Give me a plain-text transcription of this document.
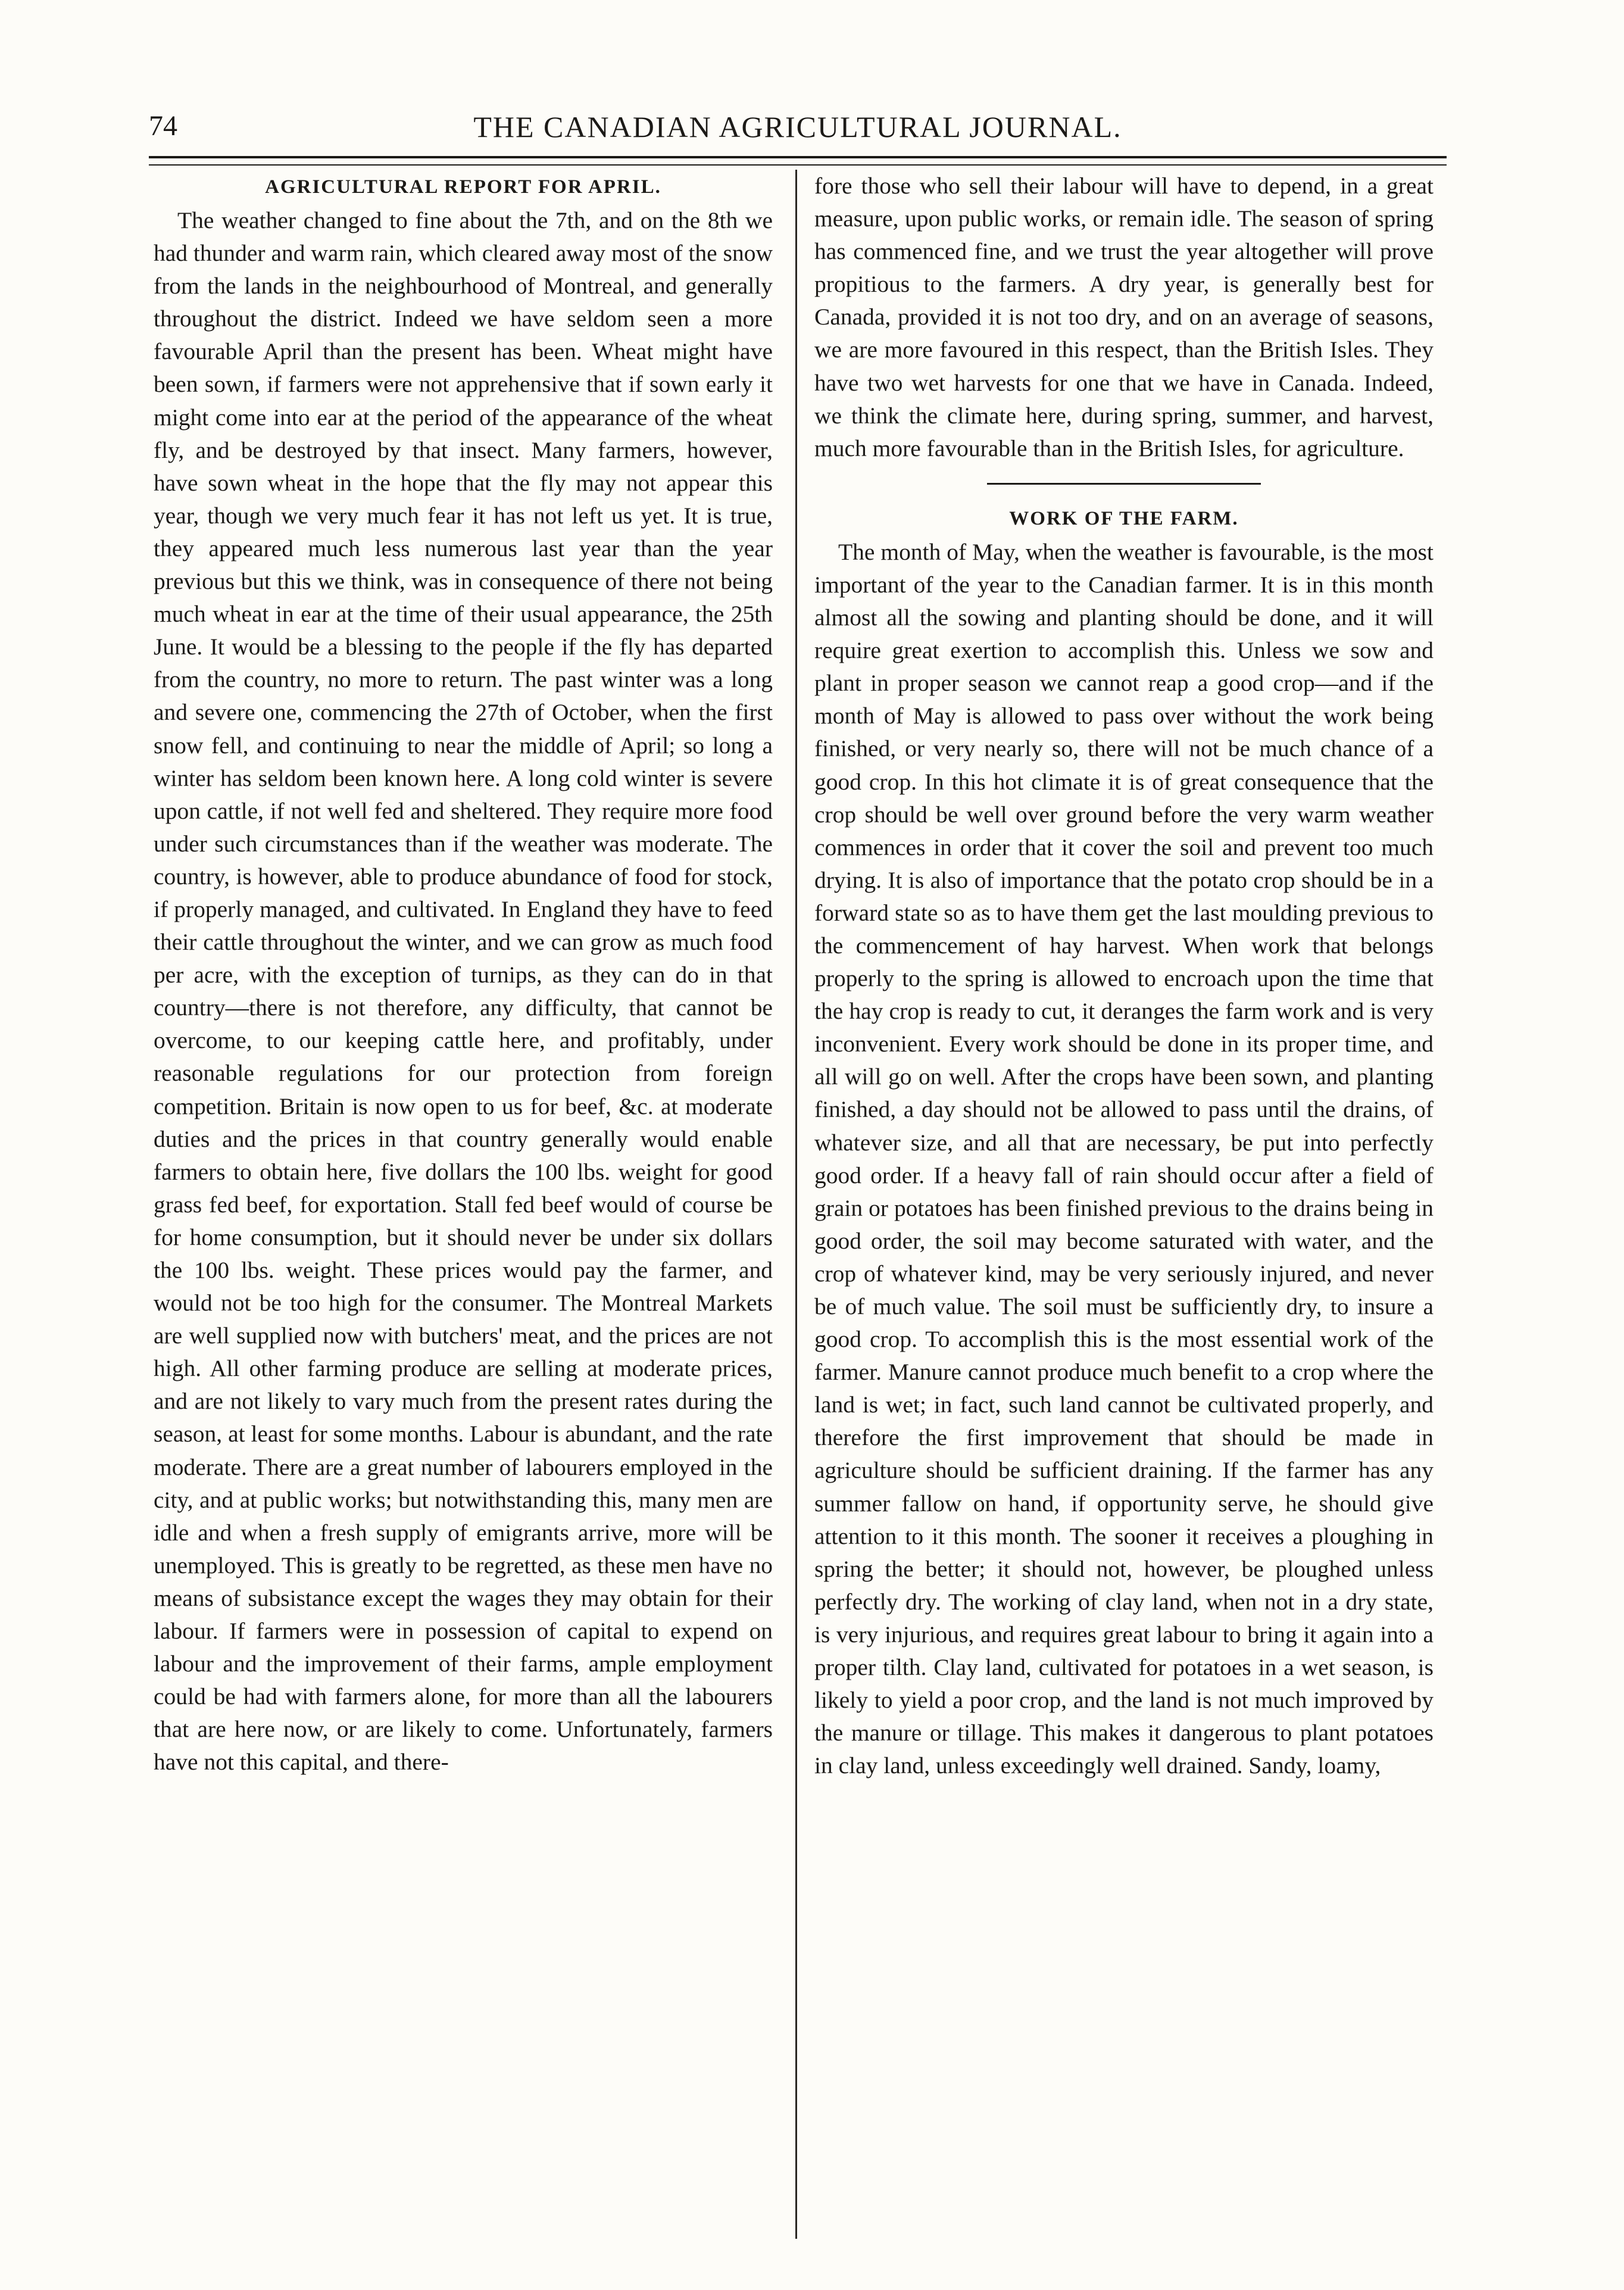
74	THE CANADIAN AGRICULTURAL JOURNAL.
AGRICULTURAL REPORT FOR APRIL.

The weather changed to fine about the 7th, and on the 8th we had thunder and warm rain, which cleared away most of the snow from the lands in the neighbourhood of Montreal, and generally throughout the district. Indeed we have seldom seen a more favourable April than the present has been. Wheat might have been sown, if farmers were not apprehensive that if sown early it might come into ear at the period of the appearance of the wheat fly, and be destroyed by that insect. Many farmers, however, have sown wheat in the hope that the fly may not appear this year, though we very much fear it has not left us yet. It is true, they appeared much less numerous last year than the year previous but this we think, was in consequence of there not being much wheat in ear at the time of their usual appearance, the 25th June. It would be a blessing to the people if the fly has departed from the country, no more to return. The past winter was a long and severe one, commencing the 27th of October, when the first snow fell, and continuing to near the middle of April; so long a winter has seldom been known here. A long cold winter is severe upon cattle, if not well fed and sheltered. They require more food under such circumstances than if the weather was moderate. The country, is however, able to produce abundance of food for stock, if properly managed, and cultivated. In England they have to feed their cattle throughout the winter, and we can grow as much food per acre, with the exception of turnips, as they can do in that country—there is not therefore, any difficulty, that cannot be overcome, to our keeping cattle here, and profitably, under reasonable regulations for our protection from foreign competition. Britain is now open to us for beef, &c. at moderate duties and the prices in that country generally would enable farmers to obtain here, five dollars the 100 lbs. weight for good grass fed beef, for exportation. Stall fed beef would of course be for home consumption, but it should never be under six dollars the 100 lbs. weight. These prices would pay the farmer, and would not be too high for the consumer. The Montreal Markets are well supplied now with butchers' meat, and the prices are not high. All other farming produce are selling at moderate prices, and are not likely to vary much from the present rates during the season, at least for some months. Labour is abundant, and the rate moderate. There are a great number of labourers employed in the city, and at public works; but notwithstanding this, many men are idle and when a fresh supply of emigrants arrive, more will be unemployed. This is greatly to be regretted, as these men have no means of subsistance except the wages they may obtain for their labour. If farmers were in possession of capital to expend on labour and the improvement of their farms, ample employment could be had with farmers alone, for more than all the labourers that are here now, or are likely to come. Unfortunately, farmers have not this capital, and there-

fore those who sell their labour will have to depend, in a great measure, upon public works, or remain idle. The season of spring has commenced fine, and we trust the year altogether will prove propitious to the farmers. A dry year, is generally best for Canada, provided it is not too dry, and on an average of seasons, we are more favoured in this respect, than the British Isles. They have two wet harvests for one that we have in Canada. Indeed, we think the climate here, during spring, summer, and harvest, much more favourable than in the British Isles, for agriculture.

WORK OF THE FARM.

The month of May, when the weather is favourable, is the most important of the year to the Canadian farmer. It is in this month almost all the sowing and planting should be done, and it will require great exertion to accomplish this. Unless we sow and plant in proper season we cannot reap a good crop—and if the month of May is allowed to pass over without the work being finished, or very nearly so, there will not be much chance of a good crop. In this hot climate it is of great consequence that the crop should be well over ground before the very warm weather commences in order that it cover the soil and prevent too much drying. It is also of importance that the potato crop should be in a forward state so as to have them get the last moulding previous to the commencement of hay harvest. When work that belongs properly to the spring is allowed to encroach upon the time that the hay crop is ready to cut, it deranges the farm work and is very inconvenient. Every work should be done in its proper time, and all will go on well. After the crops have been sown, and planting finished, a day should not be allowed to pass until the drains, of whatever size, and all that are necessary, be put into perfectly good order. If a heavy fall of rain should occur after a field of grain or potatoes has been finished previous to the drains being in good order, the soil may become saturated with water, and the crop of whatever kind, may be very seriously injured, and never be of much value. The soil must be sufficiently dry, to insure a good crop. To accomplish this is the most essential work of the farmer. Manure cannot produce much benefit to a crop where the land is wet; in fact, such land cannot be cultivated properly, and therefore the first improvement that should be made in agriculture should be sufficient draining. If the farmer has any summer fallow on hand, if opportunity serve, he should give attention to it this month. The sooner it receives a ploughing in spring the better; it should not, however, be ploughed unless perfectly dry. The working of clay land, when not in a dry state, is very injurious, and requires great labour to bring it again into a proper tilth. Clay land, cultivated for potatoes in a wet season, is likely to yield a poor crop, and the land is not much improved by the manure or tillage. This makes it dangerous to plant potatoes in clay land, unless exceedingly well drained. Sandy, loamy,
